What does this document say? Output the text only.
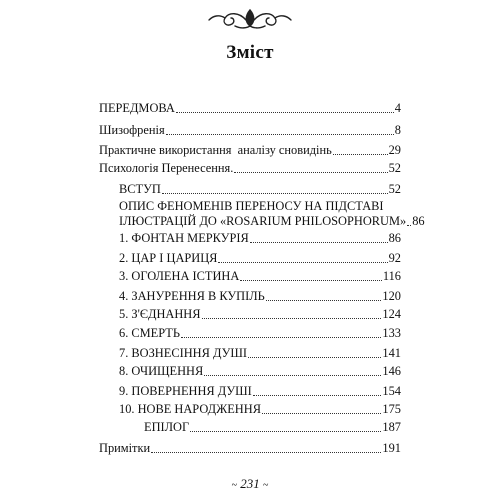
Зміст
ПЕРЕДМОВА	4
Шизофренія	8
Практичне використання  аналізу сновидінь	29
Психологія Перенесення.	52
ВСТУП	52
ОПИС ФЕНОМЕНІВ ПЕРЕНОСУ НА ПІДСТАВІ
ІЛЮСТРАЦІЙ ДО «ROSARIUM PHILOSOPHORUM» 86
1. ФОНТАН МЕРКУРІЯ	86
2. ЦАР І ЦАРИЦЯ	92
3. ОГОЛЕНА ІСТИНА	116
4. ЗАНУРЕННЯ В КУПІЛЬ	120
5. З'ЄДНАННЯ	124
6. СМЕРТЬ	133
7. ВОЗНЕСІННЯ ДУШІ	141
8. ОЧИЩЕННЯ	146
9. ПОВЕРНЕННЯ ДУШІ	154
10. НОВЕ НАРОДЖЕННЯ	175
ЕПІЛОГ	187
Примітки	191
~ 231 ~
